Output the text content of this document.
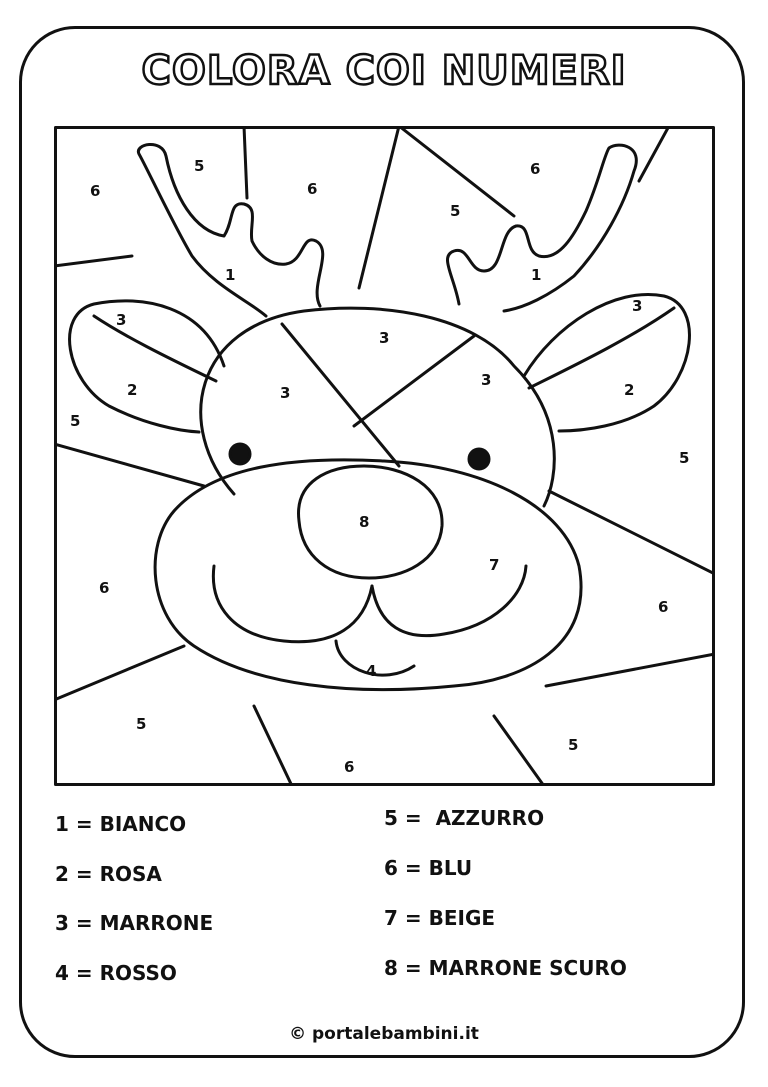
COLORA COI NUMERI
6
5
6
6
5
1	1
3
3
3
3
3
2	2
5
5
8
7
6
6
4
5
5
6
1 = BIANCO
2 = ROSA
3 = MARRONE
4 = ROSSO
5 =  AZZURRO
6 = BLU
7 = BEIGE
8 = MARRONE SCURO
© portalebambini.it
